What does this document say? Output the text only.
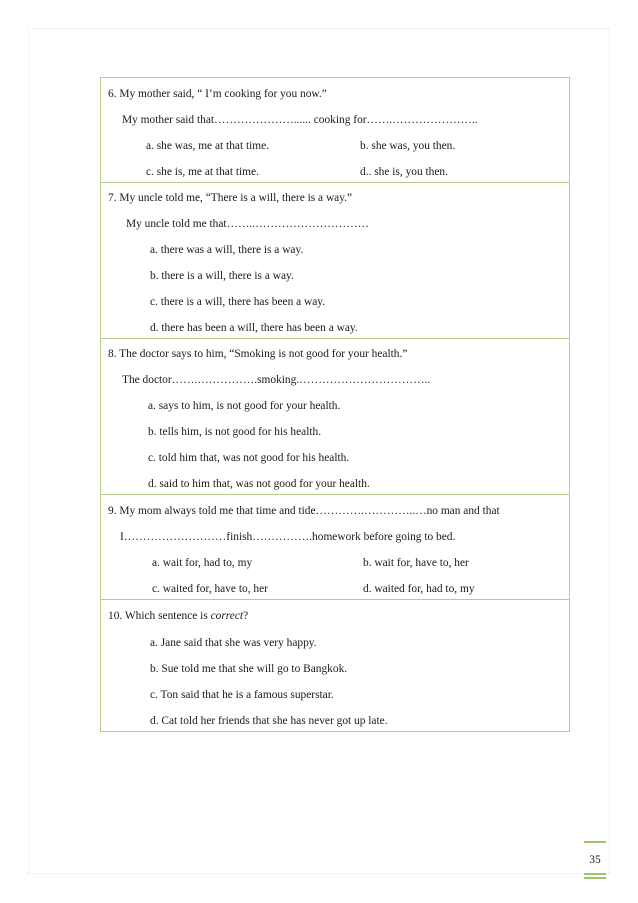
6. My mother said, “ I’m cooking for you now.”
My mother said that…………………...... cooking for…….…………………..
a. she was, me at that time.	b. she was, you then.
c. she is, me at that time.	d.. she is, you then.
7. My uncle told me, “There is a will, there is a way.”
My uncle told me that……..…………………………
a. there was a will, there is a way.
b. there is a will, there is a way.
c. there is a will, there has been a way.
d. there has been a will, there has been a way.
8. The doctor says to him, “Smoking is not good for your health.”
The doctor…….…………….smoking.……………………………..
a. says to him, is not good for your health.
b. tells him, is not good for his health.
c. told him that, was not good for his health.
d. said to him that, was not good for your health.
9. My mom always told me that time and tide………….…………..…no man and that
I………………………finish…………….homework before going to bed.
a. wait for, had to, my	b. wait for, have to, her
c. waited for, have to, her	d. waited for, had to, my
10. Which sentence is correct?
a. Jane said that she was very happy.
b. Sue told me that she will go to Bangkok.
c. Ton said that he is a famous superstar.
d. Cat told her friends that she has never got up late.
35
